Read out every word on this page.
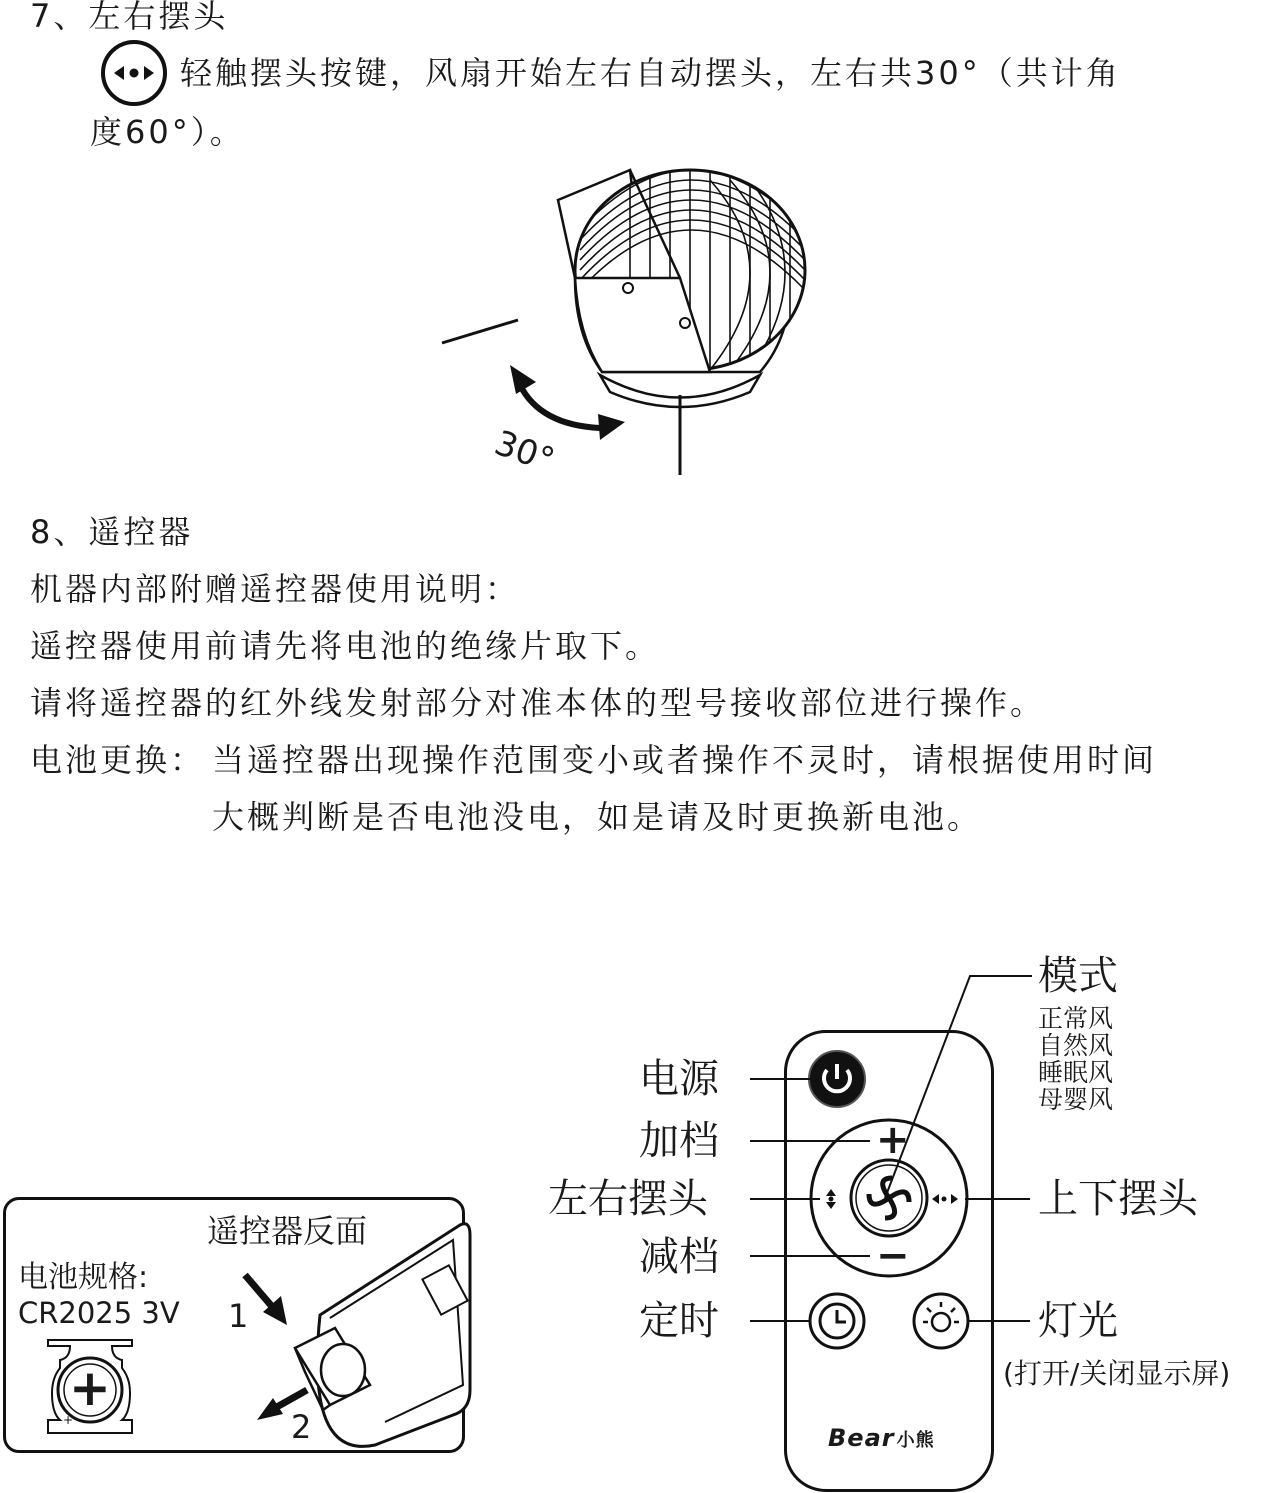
7、左右摆头
轻触摆头按键，风扇开始左右自动摆头，左右共30°（共计角
度60°）。
30°
8、遥控器
机器内部附赠遥控器使用说明：
遥控器使用前请先将电池的绝缘片取下。
请将遥控器的红外线发射部分对准本体的型号接收部位进行操作。
电池更换： 当遥控器出现操作范围变小或者操作不灵时，请根据使用时间
大概判断是否电池没电，如是请及时更换新电池。
遥控器反面
电池规格:
CR2025 3V
+
+
1
2
+
−
Bear 小熊
电源
加档
左右摆头
减档
定时
模式
正常风
自然风
睡眠风
母婴风
上下摆头
灯光
(打开/关闭显示屏)
